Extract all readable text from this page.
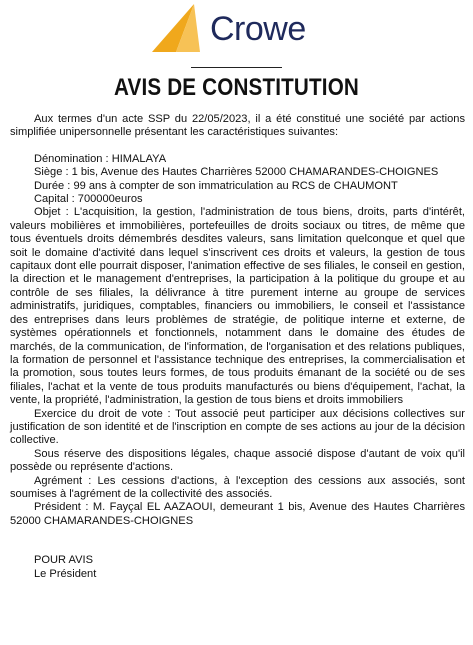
Crowe
AVIS DE CONSTITUTION

Aux termes d'un acte SSP du 22/05/2023, il a été constitué une société par actions simplifiée unipersonnelle présentant les caractéristiques suivantes:

Dénomination : HIMALAYA

Siège : 1 bis, Avenue des Hautes Charrières 52000 CHAMARANDES-CHOIGNES

Durée : 99 ans à compter de son immatriculation au RCS de CHAUMONT

Capital : 700000euros

Objet : L'acquisition, la gestion, l'administration de tous biens, droits, parts d'intérêt, valeurs mobilières et immobilières, portefeuilles de droits sociaux ou titres, de même que tous éventuels droits démembrés desdites valeurs, sans limitation quelconque et quel que soit le domaine d'activité dans lequel s'inscrivent ces droits et valeurs, la gestion de tous capitaux dont elle pourrait disposer, l'animation effective de ses filiales, le conseil en gestion, la direction et le management d'entreprises, la participation à la politique du groupe et au contrôle de ses filiales, la délivrance à titre purement interne au groupe de services administratifs, juridiques, comptables, financiers ou immobiliers, le conseil et l'assistance des entreprises dans leurs problèmes de stratégie, de politique interne et externe, de systèmes opérationnels et fonctionnels, notamment dans le domaine des études de marchés, de la communication, de l'information, de l'organisation et des relations publiques, la formation de personnel et l'assistance technique des entreprises, la commercialisation et la promotion, sous toutes leurs formes, de tous produits émanant de la société ou de ses filiales, l'achat et la vente de tous produits manufacturés ou biens d'équipement, l'achat, la vente, la propriété, l'administration, la gestion de tous biens et droits immobiliers

Exercice du droit de vote : Tout associé peut participer aux décisions collectives sur justification de son identité et de l'inscription en compte de ses actions au jour de la décision collective.

Sous réserve des dispositions légales, chaque associé dispose d'autant de voix qu'il possède ou représente d'actions.

Agrément : Les cessions d'actions, à l'exception des cessions aux associés, sont soumises à l'agrément de la collectivité des associés.

Président : M. Fayçal EL AAZAOUI, demeurant 1 bis, Avenue des Hautes Charrières 52000 CHAMARANDES-CHOIGNES

POUR AVIS

Le Président
